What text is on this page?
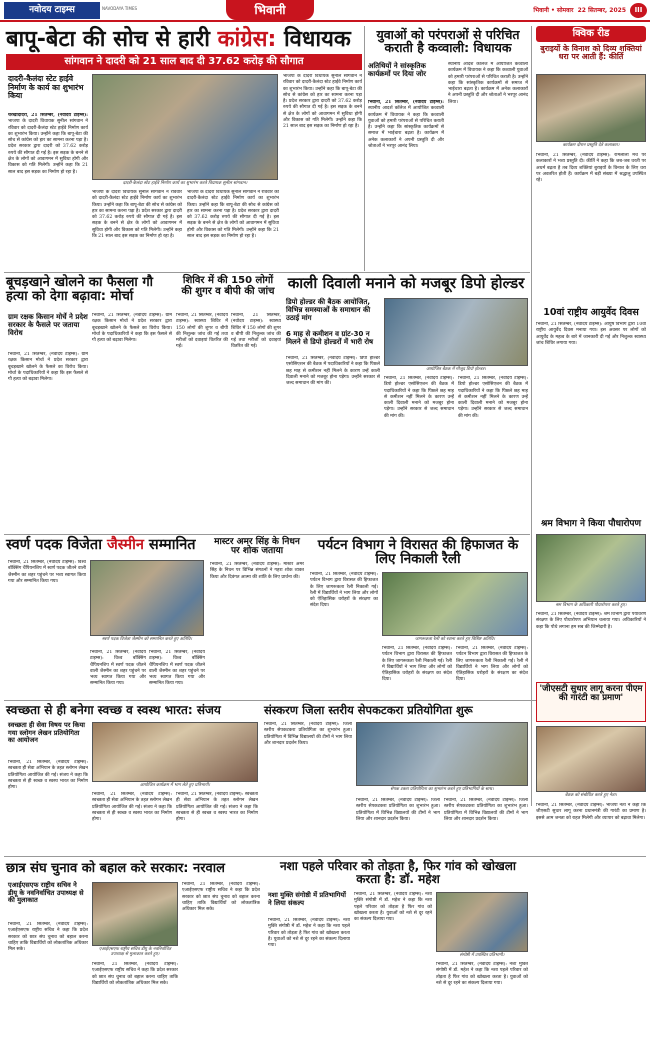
नवोदय टाइम्स	NAVODAYA TIMES	भिवानी	भिवानी • सोमवार 22 सितम्बर, 2025	III
बापू-बेटा की सोच से हारी कांग्रेस: विधायक
सांगवान ने दादरी को 21 साल बाद दी 37.62 करोड़ की सौगात
दादरी-कैलंदा स्टेट हाईवे निर्माण के कार्य का शुभारंभ किया
चरखीदादरी, 21 सितम्बर, (नवोदय टाइम्स): भाजपा के दादरी विधायक सुनील सांगवान ने रविवार को दादरी-कैलंदा स्टेट हाईवे निर्माण कार्य का शुभारंभ किया। उन्होंने कहा कि बापू-बेटा की सोच से कांग्रेस को हार का सामना करना पड़ा है। प्रदेश सरकार द्वारा दादरी को 37.62 करोड़ रुपये की सौगात दी गई है। इस सड़क के बनने से क्षेत्र के लोगों को आवागमन में सुविधा होगी और विकास को गति मिलेगी। उन्होंने कहा कि 21 साल बाद इस सड़क का निर्माण हो रहा है।
दादरी-कैलंदा स्टेट हाईवे निर्माण कार्य का शुभारंभ करते विधायक सुनील सांगवान।
भाजपा के दादरी विधायक सुनील सांगवान ने रविवार को दादरी-कैलंदा स्टेट हाईवे निर्माण कार्य का शुभारंभ किया। उन्होंने कहा कि बापू-बेटा की सोच से कांग्रेस को हार का सामना करना पड़ा है। प्रदेश सरकार द्वारा दादरी को 37.62 करोड़ रुपये की सौगात दी गई है। इस सड़क के बनने से क्षेत्र के लोगों को आवागमन में सुविधा होगी और विकास को गति मिलेगी। उन्होंने कहा कि 21 साल बाद इस सड़क का निर्माण हो रहा है।
भाजपा के दादरी विधायक सुनील सांगवान ने रविवार को दादरी-कैलंदा स्टेट हाईवे निर्माण कार्य का शुभारंभ किया। उन्होंने कहा कि बापू-बेटा की सोच से कांग्रेस को हार का सामना करना पड़ा है। प्रदेश सरकार द्वारा दादरी को 37.62 करोड़ रुपये की सौगात दी गई है। इस सड़क के बनने से क्षेत्र के लोगों को आवागमन में सुविधा होगी और विकास को गति मिलेगी। उन्होंने कहा कि 21 साल बाद इस सड़क का निर्माण हो रहा है।
भाजपा के दादरी विधायक सुनील सांगवान ने रविवार को दादरी-कैलंदा स्टेट हाईवे निर्माण कार्य का शुभारंभ किया। उन्होंने कहा कि बापू-बेटा की सोच से कांग्रेस को हार का सामना करना पड़ा है। प्रदेश सरकार द्वारा दादरी को 37.62 करोड़ रुपये की सौगात दी गई है। इस सड़क के बनने से क्षेत्र के लोगों को आवागमन में सुविधा होगी और विकास को गति मिलेगी। उन्होंने कहा कि 21 साल बाद इस सड़क का निर्माण हो रहा है।
युवाओं को परंपराओं से परिचित कराती है कव्वाली: विधायक
अतिथियों ने सांस्कृतिक कार्यक्रमों पर दिया जोर
भिवानी, 21 सितम्बर, (नवोदय टाइम्स): स्थानीय आदर्श कॉलेज में आयोजित कव्वाली कार्यक्रम में विधायक ने कहा कि कव्वाली युवाओं को हमारी परंपराओं से परिचित कराती है। उन्होंने कहा कि सांस्कृतिक कार्यक्रमों से समाज में भाईचारा बढ़ता है। कार्यक्रम में अनेक कलाकारों ने अपनी प्रस्तुति दी और श्रोताओं ने भरपूर आनंद लिया।
स्थानीय आदर्श कॉलेज में आयोजित कव्वाली कार्यक्रम में विधायक ने कहा कि कव्वाली युवाओं को हमारी परंपराओं से परिचित कराती है। उन्होंने कहा कि सांस्कृतिक कार्यक्रमों से समाज में भाईचारा बढ़ता है। कार्यक्रम में अनेक कलाकारों ने अपनी प्रस्तुति दी और श्रोताओं ने भरपूर आनंद लिया।
क्विक रीड
बुराइयों के विनाश को दिव्य शक्तियां धरा पर आती हैं: कीर्ति
कार्यक्रम दौरान प्रस्तुति देते कलाकार।
भिवानी, 21 सितम्बर, (नवोदय टाइम्स): रामलीला मंच पर कलाकारों ने भव्य प्रस्तुति दी। कीर्ति ने कहा कि जब-जब धरती पर अधर्म बढ़ता है तब दिव्य शक्तियां बुराइयों के विनाश के लिए धरा पर अवतरित होती हैं। कार्यक्रम में बड़ी संख्या में श्रद्धालु उपस्थित रहे।
10वां राष्ट्रीय आयुर्वेद दिवस
भिवानी, 21 सितम्बर, (नवोदय टाइम्स): आयुष विभाग द्वारा 10वां राष्ट्रीय आयुर्वेद दिवस मनाया गया। इस अवसर पर लोगों को आयुर्वेद के महत्व के बारे में जानकारी दी गई और निशुल्क स्वास्थ्य जांच शिविर लगाया गया।
श्रम विभाग ने किया पौधारोपण
श्रम विभाग के अधिकारी पौधारोपण करते हुए।
भिवानी, 21 सितम्बर, (नवोदय टाइम्स): श्रम विभाग द्वारा पर्यावरण संरक्षण के लिए पौधारोपण अभियान चलाया गया। अधिकारियों ने कहा कि पौधे लगाना हम सब की जिम्मेदारी है।
'जीएसटी सुधार लागू करना पीएम की गारंटी का प्रमाण'
बैठक को संबोधित करते हुए नेता।
भिवानी, 21 सितम्बर, (नवोदय टाइम्स): भाजपा नेता ने कहा कि जीएसटी सुधार लागू करना प्रधानमंत्री की गारंटी का प्रमाण है। इससे आम जनता को राहत मिलेगी और व्यापार को बढ़ावा मिलेगा।
बूचड़खाने खोलने का फैसला गौ हत्या को देगा बढ़ावा: मोर्चा
ग्राम रक्षक किसान मोर्चे ने प्रदेश सरकार के फैसले पर जताया विरोध
भिवानी, 21 सितम्बर, (नवोदय टाइम्स): ग्राम रक्षक किसान मोर्चा ने प्रदेश सरकार द्वारा बूचड़खाने खोलने के फैसले का विरोध किया। मोर्चा के पदाधिकारियों ने कहा कि इस फैसले से गौ हत्या को बढ़ावा मिलेगा।
भिवानी, 21 सितम्बर, (नवोदय टाइम्स): ग्राम रक्षक किसान मोर्चा ने प्रदेश सरकार द्वारा बूचड़खाने खोलने के फैसले का विरोध किया। मोर्चा के पदाधिकारियों ने कहा कि इस फैसले से गौ हत्या को बढ़ावा मिलेगा।
शिविर में की 150 लोगों की शुगर व बीपी की जांच
भिवानी, 21 सितम्बर, (नवोदय टाइम्स): स्वास्थ्य शिविर में 150 लोगों की शुगर व बीपी की निशुल्क जांच की गई तथा मरीजों को दवाइयां वितरित की गईं।
भिवानी, 21 सितम्बर, (नवोदय टाइम्स): स्वास्थ्य शिविर में 150 लोगों की शुगर व बीपी की निशुल्क जांच की गई तथा मरीजों को दवाइयां वितरित की गईं।
काली दिवाली मनाने को मजबूर डिपो होल्डर
डिपो होल्डर की बैठक आयोजित, विभिन्न समस्याओं के समाधान की उठाई मांग
6 माह से कमीशन व ग्रांट-30 न मिलने से डिपो होल्डरों में भारी रोष
आयोजित बैठक में मौजूद डिपो होल्डर।
भिवानी, 21 सितम्बर, (नवोदय टाइम्स): डिपो होल्डर एसोसिएशन की बैठक में पदाधिकारियों ने कहा कि पिछले छह माह से कमीशन नहीं मिलने के कारण उन्हें काली दिवाली मनाने को मजबूर होना पड़ेगा। उन्होंने सरकार से जल्द समाधान की मांग की।
भिवानी, 21 सितम्बर, (नवोदय टाइम्स): डिपो होल्डर एसोसिएशन की बैठक में पदाधिकारियों ने कहा कि पिछले छह माह से कमीशन नहीं मिलने के कारण उन्हें काली दिवाली मनाने को मजबूर होना पड़ेगा। उन्होंने सरकार से जल्द समाधान की मांग की।
भिवानी, 21 सितम्बर, (नवोदय टाइम्स): डिपो होल्डर एसोसिएशन की बैठक में पदाधिकारियों ने कहा कि पिछले छह माह से कमीशन नहीं मिलने के कारण उन्हें काली दिवाली मनाने को मजबूर होना पड़ेगा। उन्होंने सरकार से जल्द समाधान की मांग की।
स्वर्ण पदक विजेता जैस्मीन सम्मानित
भिवानी, 21 सितम्बर, (नवोदय टाइम्स): विश्व बॉक्सिंग चैंपियनशिप में स्वर्ण पदक जीतने वाली जैस्मीन का शहर पहुंचने पर भव्य स्वागत किया गया और सम्मानित किया गया।
स्वर्ण पदक विजेता जैस्मीन को सम्मानित करते हुए अतिथि।
भिवानी, 21 सितम्बर, (नवोदय टाइम्स): विश्व बॉक्सिंग चैंपियनशिप में स्वर्ण पदक जीतने वाली जैस्मीन का शहर पहुंचने पर भव्य स्वागत किया गया और सम्मानित किया गया।
भिवानी, 21 सितम्बर, (नवोदय टाइम्स): विश्व बॉक्सिंग चैंपियनशिप में स्वर्ण पदक जीतने वाली जैस्मीन का शहर पहुंचने पर भव्य स्वागत किया गया और सम्मानित किया गया।
मास्टर अमर सिंह के निधन पर शोक जताया
भिवानी, 21 सितम्बर, (नवोदय टाइम्स): मास्टर अमर सिंह के निधन पर विभिन्न संगठनों ने गहरा शोक व्यक्त किया और दिवंगत आत्मा की शांति के लिए प्रार्थना की।
पर्यटन विभाग ने विरासत की हिफाजत के लिए निकाली रैली
भिवानी, 21 सितम्बर, (नवोदय टाइम्स): पर्यटन विभाग द्वारा विरासत की हिफाजत के लिए जागरूकता रैली निकाली गई। रैली में विद्यार्थियों ने भाग लिया और लोगों को ऐतिहासिक धरोहरों के संरक्षण का संदेश दिया।
जागरूकता रैली को रवाना करते हुए विशिष्ट अतिथि।
भिवानी, 21 सितम्बर, (नवोदय टाइम्स): पर्यटन विभाग द्वारा विरासत की हिफाजत के लिए जागरूकता रैली निकाली गई। रैली में विद्यार्थियों ने भाग लिया और लोगों को ऐतिहासिक धरोहरों के संरक्षण का संदेश दिया।
भिवानी, 21 सितम्बर, (नवोदय टाइम्स): पर्यटन विभाग द्वारा विरासत की हिफाजत के लिए जागरूकता रैली निकाली गई। रैली में विद्यार्थियों ने भाग लिया और लोगों को ऐतिहासिक धरोहरों के संरक्षण का संदेश दिया।
स्वच्छता से ही बनेगा स्वच्छ व स्वस्थ भारत: संजय
स्वच्छता ही सेवा विषय पर किया गया स्लोगन लेखन प्रतियोगिता का आयोजन
भिवानी, 21 सितम्बर, (नवोदय टाइम्स): स्वच्छता ही सेवा अभियान के तहत स्लोगन लेखन प्रतियोगिता आयोजित की गई। संजय ने कहा कि स्वच्छता से ही स्वच्छ व स्वस्थ भारत का निर्माण होगा।	आयोजित कार्यक्रम में भाग लेते हुए प्रतिभागी।
भिवानी, 21 सितम्बर, (नवोदय टाइम्स): स्वच्छता ही सेवा अभियान के तहत स्लोगन लेखन प्रतियोगिता आयोजित की गई। संजय ने कहा कि स्वच्छता से ही स्वच्छ व स्वस्थ भारत का निर्माण होगा।
भिवानी, 21 सितम्बर, (नवोदय टाइम्स): स्वच्छता ही सेवा अभियान के तहत स्लोगन लेखन प्रतियोगिता आयोजित की गई। संजय ने कहा कि स्वच्छता से ही स्वच्छ व स्वस्थ भारत का निर्माण होगा।
संस्करण जिला स्तरीय सेपकटकरा प्रतियोगिता शुरू
भिवानी, 21 सितम्बर, (नवोदय टाइम्स): जिला स्तरीय सेपकटकरा प्रतियोगिता का शुभारंभ हुआ। प्रतियोगिता में विभिन्न विद्यालयों की टीमों ने भाग लिया और शानदार प्रदर्शन किया।
सेपक टकरा प्रतियोगिता का शुभारंभ करते हुए प्रतिभागियों के साथ।
भिवानी, 21 सितम्बर, (नवोदय टाइम्स): जिला स्तरीय सेपकटकरा प्रतियोगिता का शुभारंभ हुआ। प्रतियोगिता में विभिन्न विद्यालयों की टीमों ने भाग लिया और शानदार प्रदर्शन किया।
भिवानी, 21 सितम्बर, (नवोदय टाइम्स): जिला स्तरीय सेपकटकरा प्रतियोगिता का शुभारंभ हुआ। प्रतियोगिता में विभिन्न विद्यालयों की टीमों ने भाग लिया और शानदार प्रदर्शन किया।
छात्र संघ चुनाव को बहाल करे सरकार: नरवाल
एआईएसएफ राष्ट्रीय सचिव ने डीयू के नवनिर्वाचित उपाध्यक्ष से की मुलाकात
भिवानी, 21 सितम्बर, (नवोदय टाइम्स): एआईएसएफ राष्ट्रीय सचिव ने कहा कि प्रदेश सरकार को छात्र संघ चुनाव को बहाल करना चाहिए ताकि विद्यार्थियों को लोकतांत्रिक अधिकार मिल सके।	एआईएसएफ राष्ट्रीय सचिव डीयू के नवनिर्वाचित उपाध्यक्ष से मुलाकात करते हुए।
भिवानी, 21 सितम्बर, (नवोदय टाइम्स): एआईएसएफ राष्ट्रीय सचिव ने कहा कि प्रदेश सरकार को छात्र संघ चुनाव को बहाल करना चाहिए ताकि विद्यार्थियों को लोकतांत्रिक अधिकार मिल सके।
भिवानी, 21 सितम्बर, (नवोदय टाइम्स): एआईएसएफ राष्ट्रीय सचिव ने कहा कि प्रदेश सरकार को छात्र संघ चुनाव को बहाल करना चाहिए ताकि विद्यार्थियों को लोकतांत्रिक अधिकार मिल सके।
नशा पहले परिवार को तोड़ता है, फिर गांव को खोखला करता है: डॉ. महेश
नशा मुक्ति संगोष्ठी में प्रतिभागियों ने लिया संकल्प
भिवानी, 21 सितम्बर, (नवोदय टाइम्स): नशा मुक्ति संगोष्ठी में डॉ. महेश ने कहा कि नशा पहले परिवार को तोड़ता है फिर गांव को खोखला करता है। युवाओं को नशे से दूर रहने का संकल्प दिलाया गया।
भिवानी, 21 सितम्बर, (नवोदय टाइम्स): नशा मुक्ति संगोष्ठी में डॉ. महेश ने कहा कि नशा पहले परिवार को तोड़ता है फिर गांव को खोखला करता है। युवाओं को नशे से दूर रहने का संकल्प दिलाया गया।
संगोष्ठी में उपस्थित प्रतिभागी।
भिवानी, 21 सितम्बर, (नवोदय टाइम्स): नशा मुक्ति संगोष्ठी में डॉ. महेश ने कहा कि नशा पहले परिवार को तोड़ता है फिर गांव को खोखला करता है। युवाओं को नशे से दूर रहने का संकल्प दिलाया गया।
